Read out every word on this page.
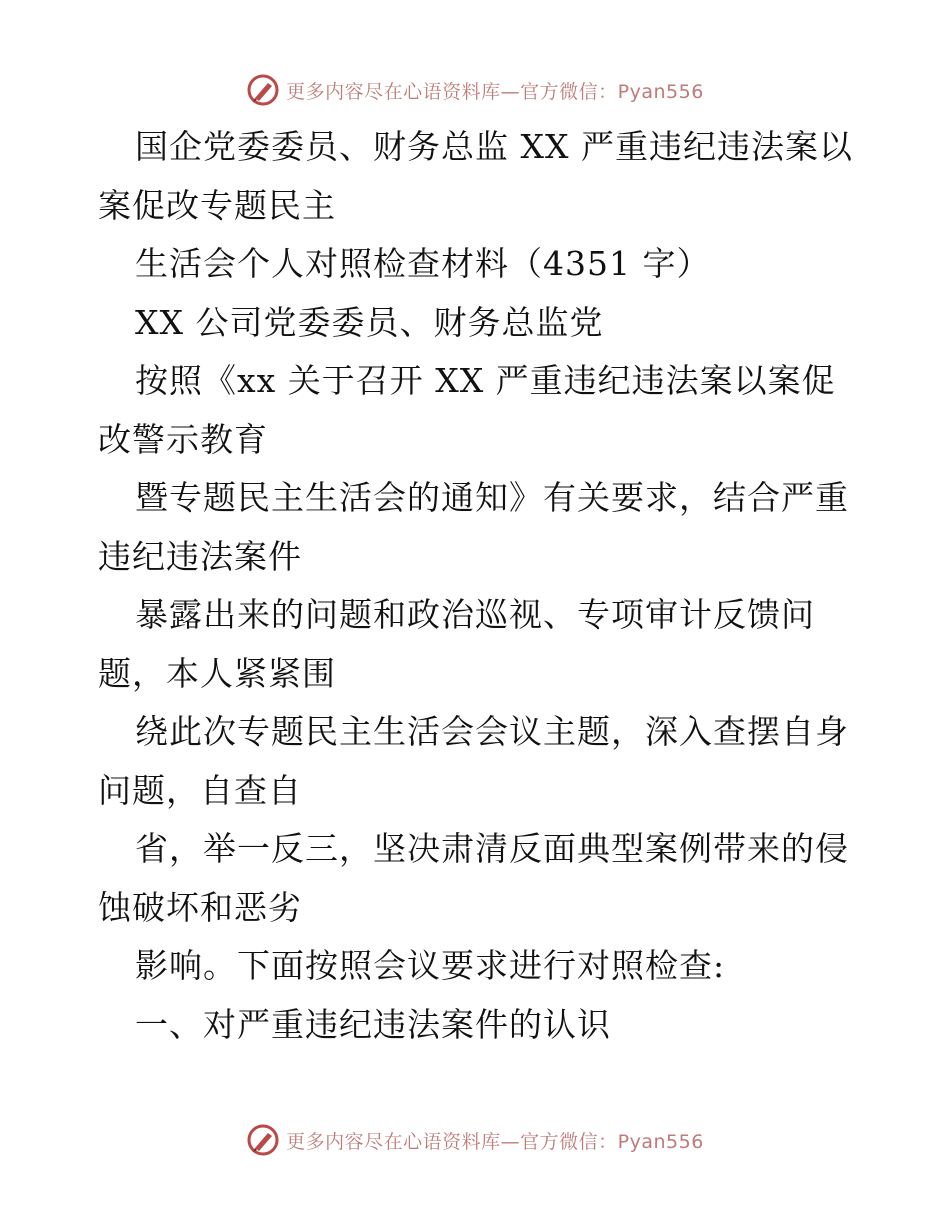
更多内容尽在心语资料库—官方微信：Pyan556
国企党委委员、财务总监 XX 严重违纪违法案以
案促改专题民主
生活会个人对照检查材料（4351 字）
XX 公司党委委员、财务总监党
按照《xx 关于召开 XX 严重违纪违法案以案促
改警示教育
暨专题民主生活会的通知》有关要求，结合严重
违纪违法案件
暴露出来的问题和政治巡视、专项审计反馈问
题，本人紧紧围
绕此次专题民主生活会会议主题，深入查摆自身
问题，自查自
省，举一反三，坚决肃清反面典型案例带来的侵
蚀破坏和恶劣
影响。下面按照会议要求进行对照检查:
一、对严重违纪违法案件的认识
更多内容尽在心语资料库—官方微信：Pyan556
